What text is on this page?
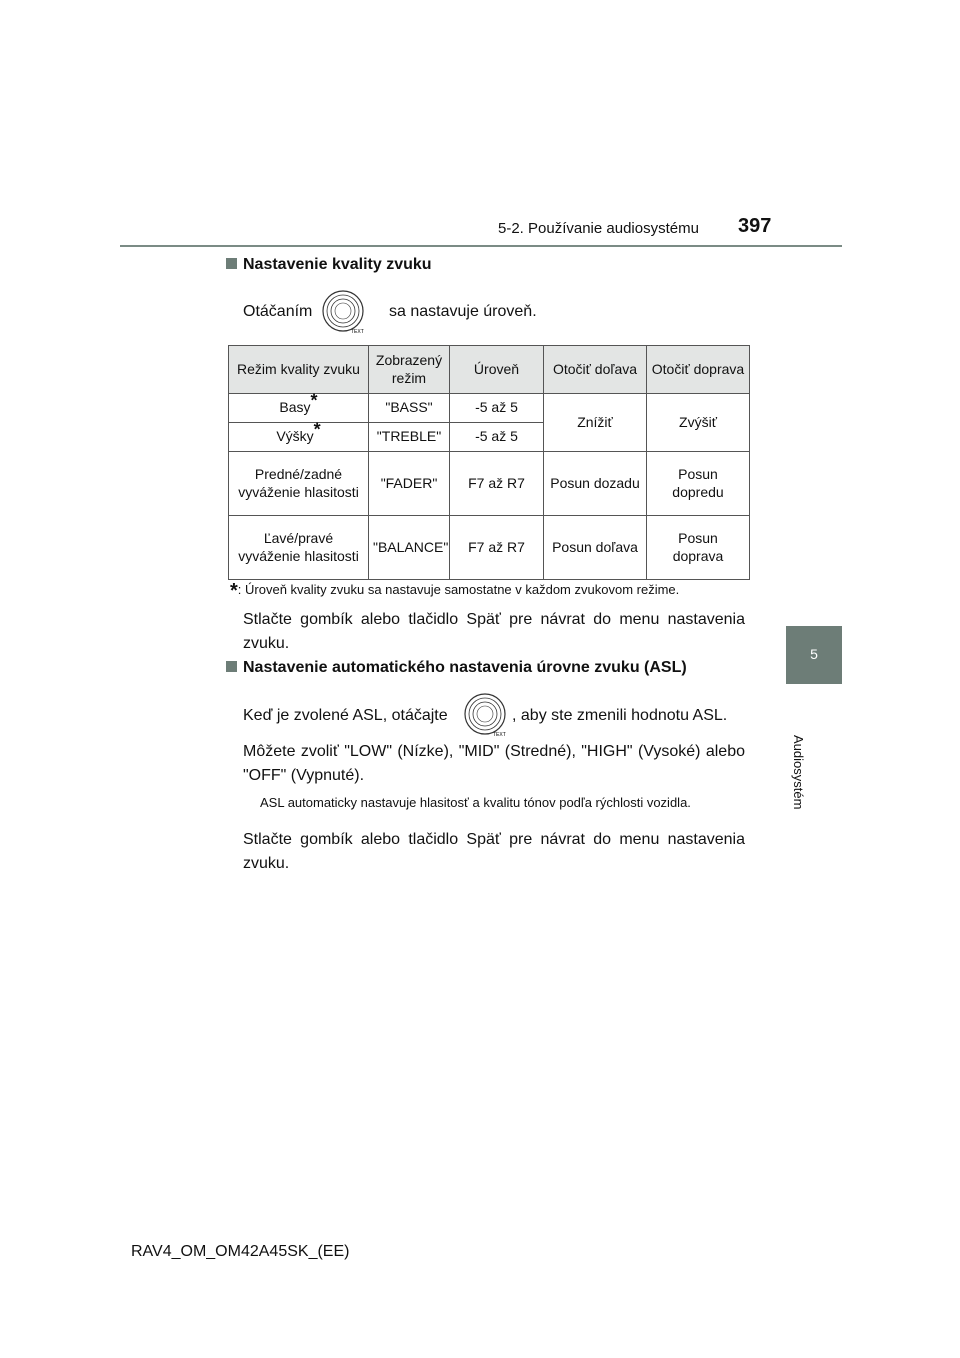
5-2. Používanie audiosystému 397
5
Audiosystém
Nastavenie kvality zvuku
Otáčaním
TEXT
sa nastavuje úroveň.
Režim kvality zvuku	Zobrazený režim	Úroveň	Otočiť doľava	Otočiť doprava
Basy*	"BASS"	-5 až 5	Znížiť	Zvýšiť
Výšky*	"TREBLE"	-5 až 5		
Predné/zadné vyváženie hlasitosti	"FADER"	F7 až R7	Posun dozadu	Posun dopredu
Ľavé/pravé vyváženie hlasitosti	"BALANCE"	F7 až R7	Posun doľava	Posun doprava
*: Úroveň kvality zvuku sa nastavuje samostatne v každom zvukovom režime.
Stlačte gombík alebo tlačidlo Späť pre návrat do menu nastavenia zvuku.
Nastavenie automatického nastavenia úrovne zvuku (ASL)
Keď je zvolené ASL, otáčajte
TEXT
, aby ste zmenili hodnotu ASL.
Môžete zvoliť "LOW" (Nízke), "MID" (Stredné), "HIGH" (Vysoké) alebo "OFF" (Vypnuté).
ASL automaticky nastavuje hlasitosť a kvalitu tónov podľa rýchlosti vozidla.
Stlačte gombík alebo tlačidlo Späť pre návrat do menu nastavenia zvuku.
RAV4_OM_OM42A45SK_(EE)
